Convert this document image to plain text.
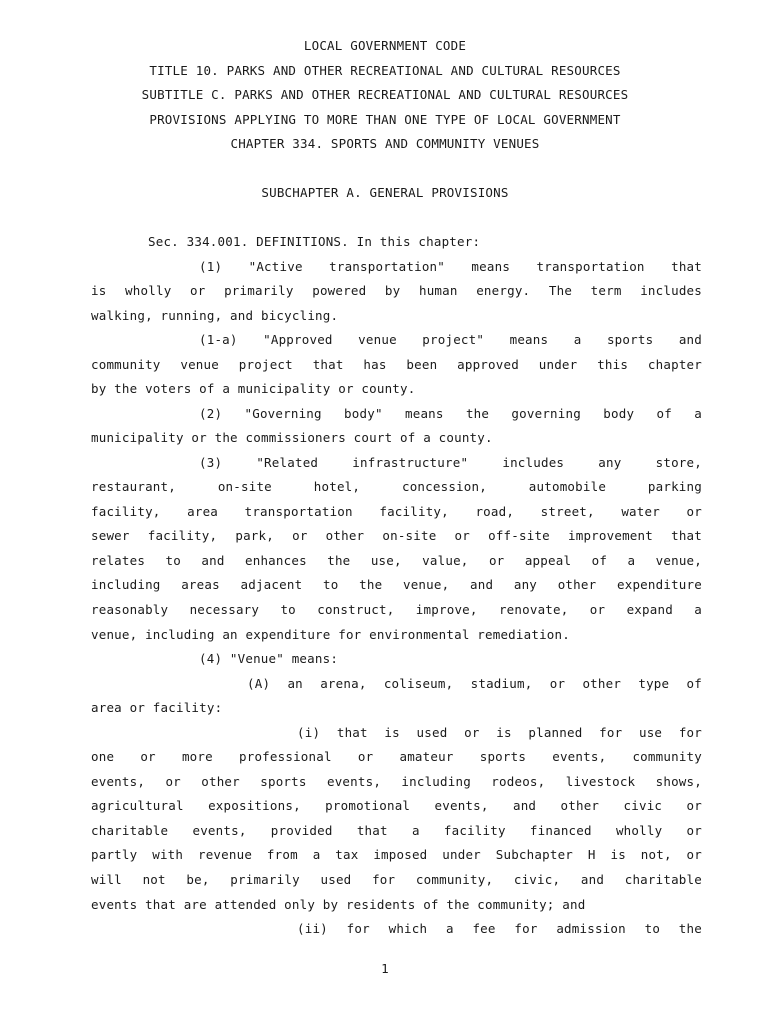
LOCAL GOVERNMENT CODE
TITLE 10. PARKS AND OTHER RECREATIONAL AND CULTURAL RESOURCES
SUBTITLE C. PARKS AND OTHER RECREATIONAL AND CULTURAL RESOURCES
PROVISIONS APPLYING TO MORE THAN ONE TYPE OF LOCAL GOVERNMENT
CHAPTER 334. SPORTS AND COMMUNITY VENUES
SUBCHAPTER A. GENERAL PROVISIONS
Sec. 334.001. DEFINITIONS. In this chapter:
(1) "Active transportation" means transportation that
is wholly or primarily powered by human energy. The term includes
walking, running, and bicycling.
(1-a) "Approved venue project" means a sports and
community venue project that has been approved under this chapter
by the voters of a municipality or county.
(2) "Governing body" means the governing body of a
municipality or the commissioners court of a county.
(3) "Related infrastructure" includes any store,
restaurant, on-site hotel, concession, automobile parking
facility, area transportation facility, road, street, water or
sewer facility, park, or other on-site or off-site improvement that
relates to and enhances the use, value, or appeal of a venue,
including areas adjacent to the venue, and any other expenditure
reasonably necessary to construct, improve, renovate, or expand a
venue, including an expenditure for environmental remediation.
(4) "Venue" means:
(A) an arena, coliseum, stadium, or other type of
area or facility:
(i) that is used or is planned for use for
one or more professional or amateur sports events, community
events, or other sports events, including rodeos, livestock shows,
agricultural expositions, promotional events, and other civic or
charitable events, provided that a facility financed wholly or
partly with revenue from a tax imposed under Subchapter H is not, or
will not be, primarily used for community, civic, and charitable
events that are attended only by residents of the community; and
(ii) for which a fee for admission to the
1
